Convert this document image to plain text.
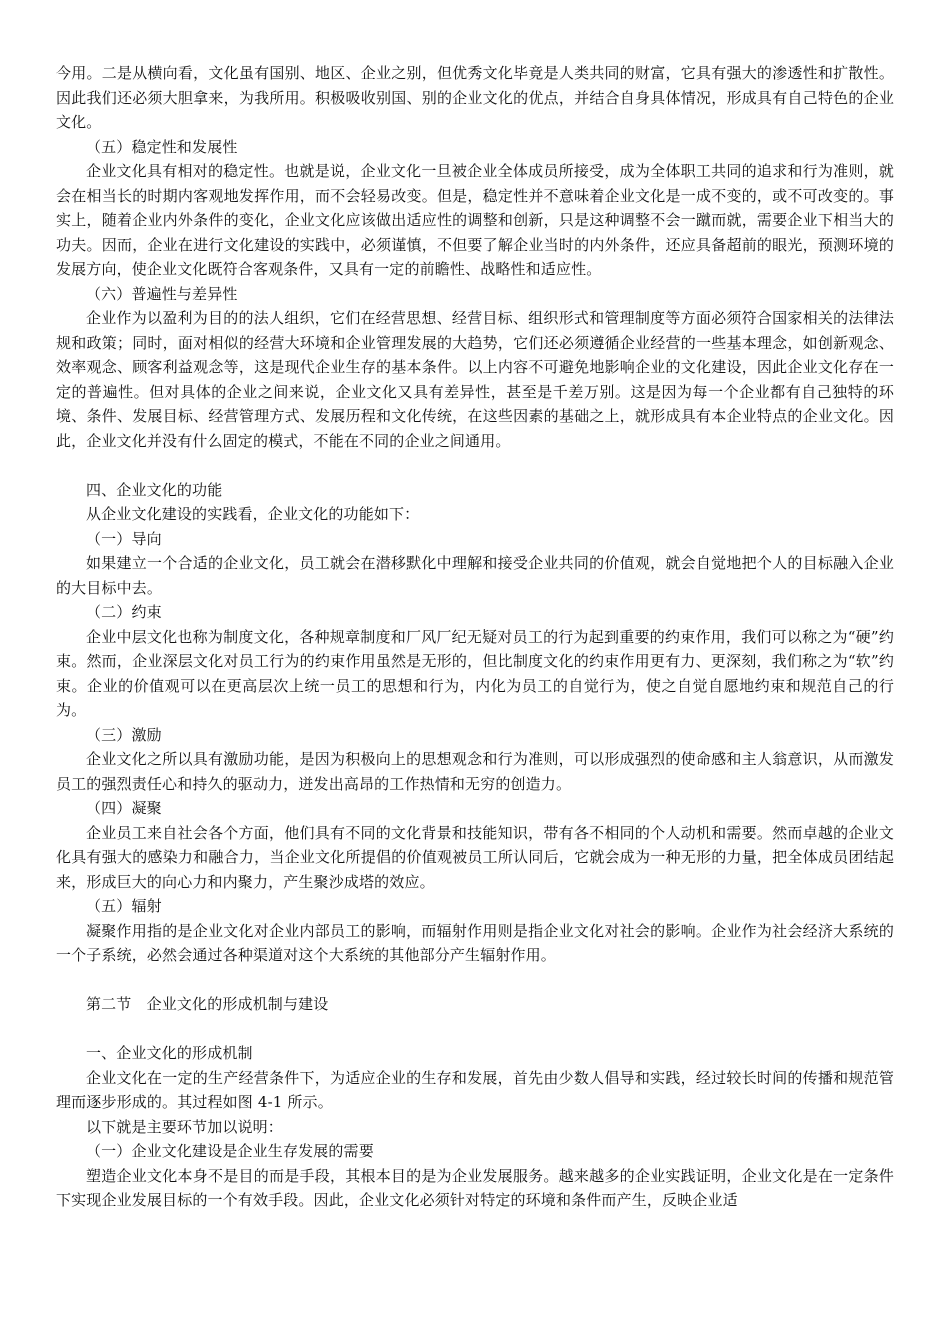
今用。二是从横向看，文化虽有国别、地区、企业之别，但优秀文化毕竟是人类共同的财富，它具有强大的渗透性和扩散性。因此我们还必须大胆拿来，为我所用。积极吸收别国、别的企业文化的优点，并结合自身具体情况，形成具有自己特色的企业文化。

（五）稳定性和发展性

企业文化具有相对的稳定性。也就是说，企业文化一旦被企业全体成员所接受，成为全体职工共同的追求和行为准则，就会在相当长的时期内客观地发挥作用，而不会轻易改变。但是，稳定性并不意味着企业文化是一成不变的，或不可改变的。事实上，随着企业内外条件的变化，企业文化应该做出适应性的调整和创新，只是这种调整不会一蹴而就，需要企业下相当大的功夫。因而，企业在进行文化建设的实践中，必须谨慎，不但要了解企业当时的内外条件，还应具备超前的眼光，预测环境的发展方向，使企业文化既符合客观条件，又具有一定的前瞻性、战略性和适应性。

（六）普遍性与差异性

企业作为以盈利为目的的法人组织，它们在经营思想、经营目标、组织形式和管理制度等方面必须符合国家相关的法律法规和政策；同时，面对相似的经营大环境和企业管理发展的大趋势，它们还必须遵循企业经营的一些基本理念，如创新观念、效率观念、顾客利益观念等，这是现代企业生存的基本条件。以上内容不可避免地影响企业的文化建设，因此企业文化存在一定的普遍性。但对具体的企业之间来说，企业文化又具有差异性，甚至是千差万别。这是因为每一个企业都有自己独特的环境、条件、发展目标、经营管理方式、发展历程和文化传统，在这些因素的基础之上，就形成具有本企业特点的企业文化。因此，企业文化并没有什么固定的模式，不能在不同的企业之间通用。

四、企业文化的功能

从企业文化建设的实践看，企业文化的功能如下：

（一）导向

如果建立一个合适的企业文化，员工就会在潜移默化中理解和接受企业共同的价值观，就会自觉地把个人的目标融入企业的大目标中去。

（二）约束

企业中层文化也称为制度文化，各种规章制度和厂风厂纪无疑对员工的行为起到重要的约束作用，我们可以称之为“硬”约束。然而，企业深层文化对员工行为的约束作用虽然是无形的，但比制度文化的约束作用更有力、更深刻，我们称之为“软”约束。企业的价值观可以在更高层次上统一员工的思想和行为，内化为员工的自觉行为，使之自觉自愿地约束和规范自己的行为。

（三）激励

企业文化之所以具有激励功能，是因为积极向上的思想观念和行为准则，可以形成强烈的使命感和主人翁意识，从而激发员工的强烈责任心和持久的驱动力，迸发出高昂的工作热情和无穷的创造力。

（四）凝聚

企业员工来自社会各个方面，他们具有不同的文化背景和技能知识，带有各不相同的个人动机和需要。然而卓越的企业文化具有强大的感染力和融合力，当企业文化所提倡的价值观被员工所认同后，它就会成为一种无形的力量，把全体成员团结起来，形成巨大的向心力和内聚力，产生聚沙成塔的效应。

（五）辐射

凝聚作用指的是企业文化对企业内部员工的影响，而辐射作用则是指企业文化对社会的影响。企业作为社会经济大系统的一个子系统，必然会通过各种渠道对这个大系统的其他部分产生辐射作用。

第二节　企业文化的形成机制与建设

一、企业文化的形成机制

企业文化在一定的生产经营条件下，为适应企业的生存和发展，首先由少数人倡导和实践，经过较长时间的传播和规范管理而逐步形成的。其过程如图 4-1 所示。

以下就是主要环节加以说明：

（一）企业文化建设是企业生存发展的需要

塑造企业文化本身不是目的而是手段，其根本目的是为企业发展服务。越来越多的企业实践证明，企业文化是在一定条件下实现企业发展目标的一个有效手段。因此，企业文化必须针对特定的环境和条件而产生，反映企业适
